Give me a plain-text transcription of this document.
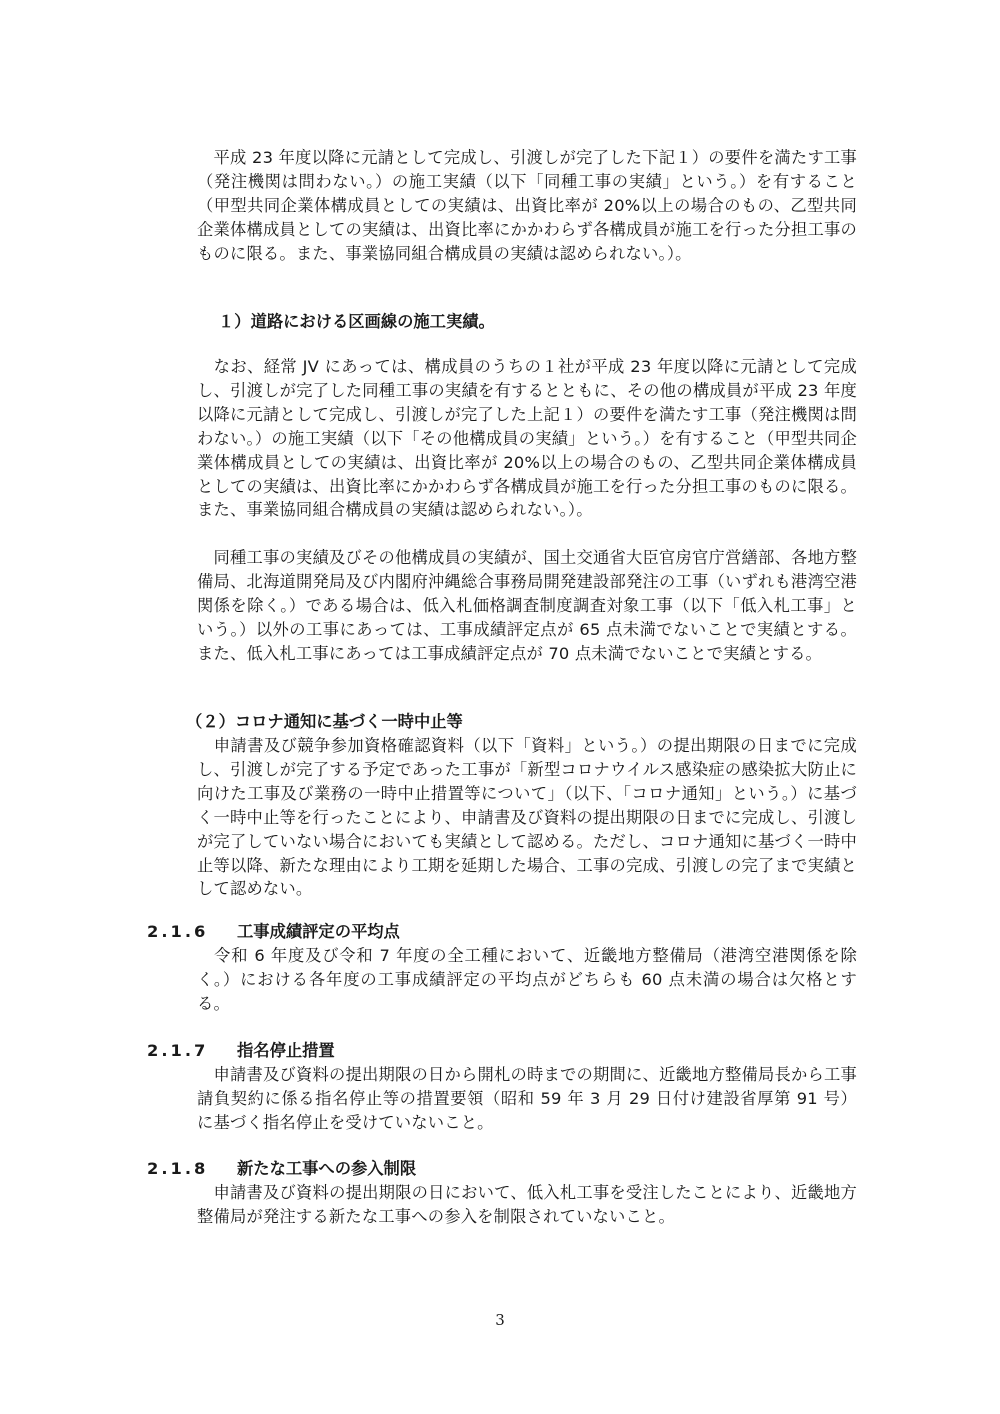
　平成 23 年度以降に元請として完成し、引渡しが完了した下記１）の要件を満たす工事（発注機関は問わない。）の施工実績（以下「同種工事の実績」という。）を有すること（甲型共同企業体構成員としての実績は、出資比率が 20%以上の場合のもの、乙型共同企業体構成員としての実績は、出資比率にかかわらず各構成員が施工を行った分担工事のものに限る。また、事業協同組合構成員の実績は認められない。）。

１）道路における区画線の施工実績。

　なお、経常 JV にあっては、構成員のうちの１社が平成 23 年度以降に元請として完成し、引渡しが完了した同種工事の実績を有するとともに、その他の構成員が平成 23 年度以降に元請として完成し、引渡しが完了した上記１）の要件を満たす工事（発注機関は問わない。）の施工実績（以下「その他構成員の実績」という。）を有すること（甲型共同企業体構成員としての実績は、出資比率が 20%以上の場合のもの、乙型共同企業体構成員としての実績は、出資比率にかかわらず各構成員が施工を行った分担工事のものに限る。また、事業協同組合構成員の実績は認められない。）。

　同種工事の実績及びその他構成員の実績が、国土交通省大臣官房官庁営繕部、各地方整備局、北海道開発局及び内閣府沖縄総合事務局開発建設部発注の工事（いずれも港湾空港関係を除く。）である場合は、低入札価格調査制度調査対象工事（以下「低入札工事」という。）以外の工事にあっては、工事成績評定点が 65 点未満でないことで実績とする。また、低入札工事にあっては工事成績評定点が 70 点未満でないことで実績とする。

（２）コロナ通知に基づく一時中止等

　申請書及び競争参加資格確認資料（以下「資料」という。）の提出期限の日までに完成し、引渡しが完了する予定であった工事が「新型コロナウイルス感染症の感染拡大防止に向けた工事及び業務の一時中止措置等について」（以下、「コロナ通知」という。）に基づく一時中止等を行ったことにより、申請書及び資料の提出期限の日までに完成し、引渡しが完了していない場合においても実績として認める。ただし、コロナ通知に基づく一時中止等以降、新たな理由により工期を延期した場合、工事の完成、引渡しの完了まで実績として認めない。

2.1.6 工事成績評定の平均点

　令和 6 年度及び令和 7 年度の全工種において、近畿地方整備局（港湾空港関係を除く。）における各年度の工事成績評定の平均点がどちらも 60 点未満の場合は欠格とする。

2.1.7 指名停止措置

　申請書及び資料の提出期限の日から開札の時までの期間に、近畿地方整備局長から工事請負契約に係る指名停止等の措置要領（昭和 59 年 3 月 29 日付け建設省厚第 91 号）に基づく指名停止を受けていないこと。

2.1.8 新たな工事への参入制限

　申請書及び資料の提出期限の日において、低入札工事を受注したことにより、近畿地方整備局が発注する新たな工事への参入を制限されていないこと。

3
